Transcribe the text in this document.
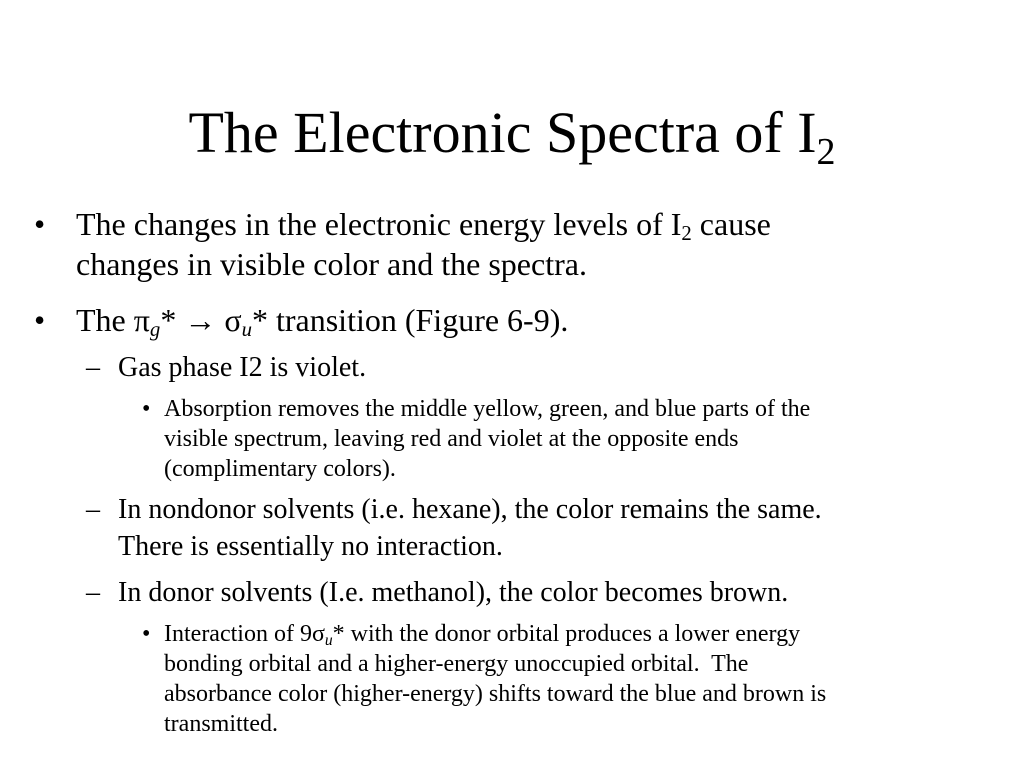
The Electronic Spectra of $I_2$
• The changes in the electronic energy levels of $I_2$ cause
changes in visible color and the spectra.
• The $\pi_g* \to \sigma_u*$ transition (Figure 6-9).
– Gas phase I2 is violet.
• Absorption removes the middle yellow, green, and blue parts of the
visible spectrum, leaving red and violet at the opposite ends
(complimentary colors).
– In nondonor solvents (i.e. hexane), the color remains the same.
There is essentially no interaction.
– In donor solvents (I.e. methanol), the color becomes brown.
• Interaction of $9\sigma_u*$ with the donor orbital produces a lower energy
bonding orbital and a higher-energy unoccupied orbital.  The
absorbance color (higher-energy) shifts toward the blue and brown is
transmitted.
